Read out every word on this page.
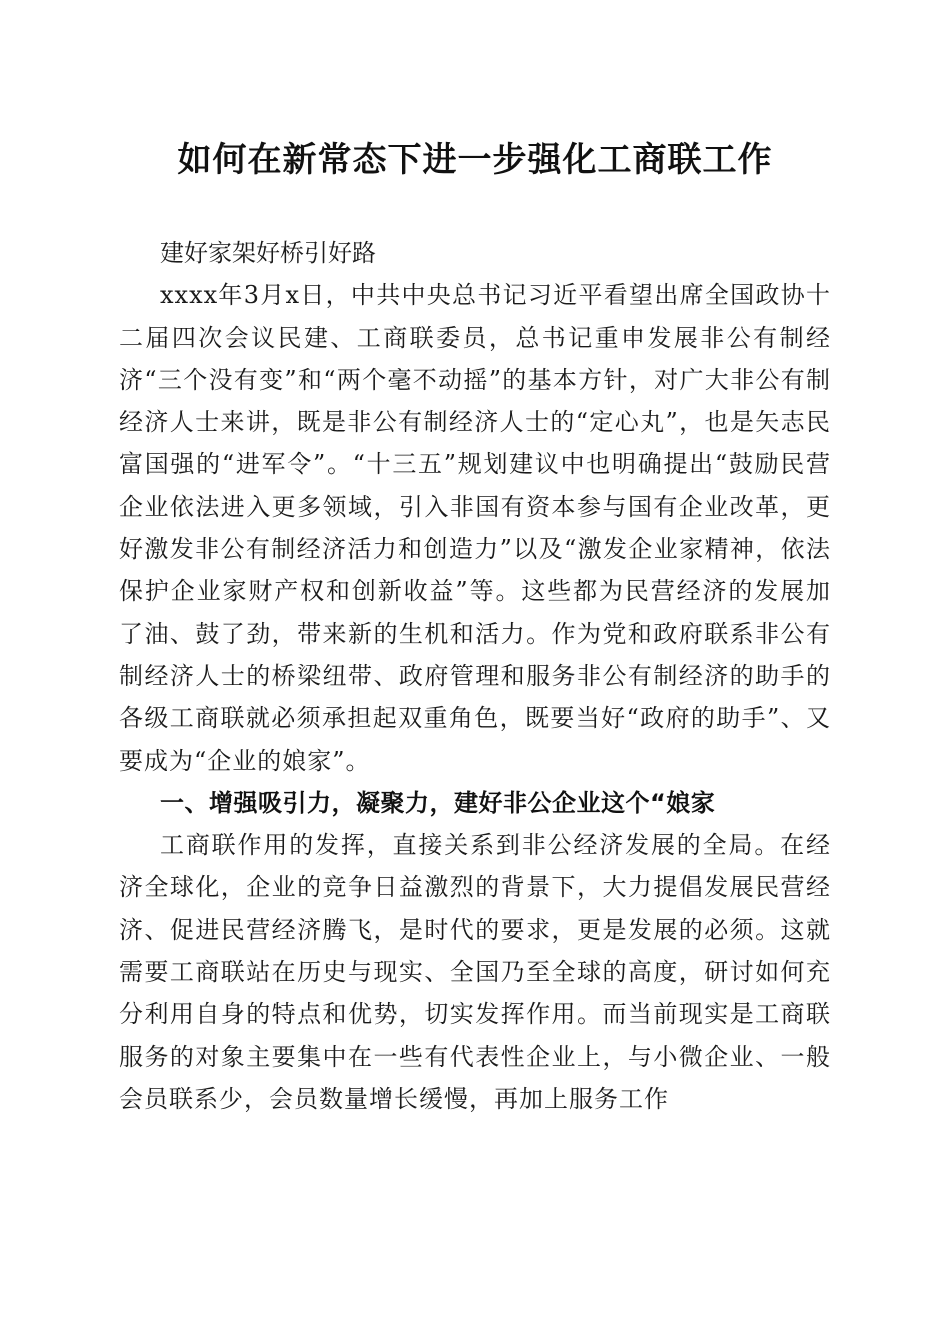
如何在新常态下进一步强化工商联工作
建好家架好桥引好路

xxxx年3月x日，中共中央总书记习近平看望出席全国政协十二届四次会议民建、工商联委员，总书记重申发展非公有制经济“三个没有变”和“两个毫不动摇”的基本方针，对广大非公有制经济人士来讲，既是非公有制经济人士的“定心丸”，也是矢志民富国强的“进军令”。“十三五”规划建议中也明确提出“鼓励民营企业依法进入更多领域，引入非国有资本参与国有企业改革，更好激发非公有制经济活力和创造力”以及“激发企业家精神，依法保护企业家财产权和创新收益”等。这些都为民营经济的发展加了油、鼓了劲，带来新的生机和活力。作为党和政府联系非公有制经济人士的桥梁纽带、政府管理和服务非公有制经济的助手的各级工商联就必须承担起双重角色，既要当好“政府的助手”、又要成为“企业的娘家”。

一、增强吸引力，凝聚力，建好非公企业这个“娘家

工商联作用的发挥，直接关系到非公经济发展的全局。在经济全球化，企业的竞争日益激烈的背景下，大力提倡发展民营经济、促进民营经济腾飞，是时代的要求，更是发展的必须。这就需要工商联站在历史与现实、全国乃至全球的高度，研讨如何充分利用自身的特点和优势，切实发挥作用。而当前现实是工商联服务的对象主要集中在一些有代表性企业上，与小微企业、一般会员联系少，会员数量增长缓慢，再加上服务工作
